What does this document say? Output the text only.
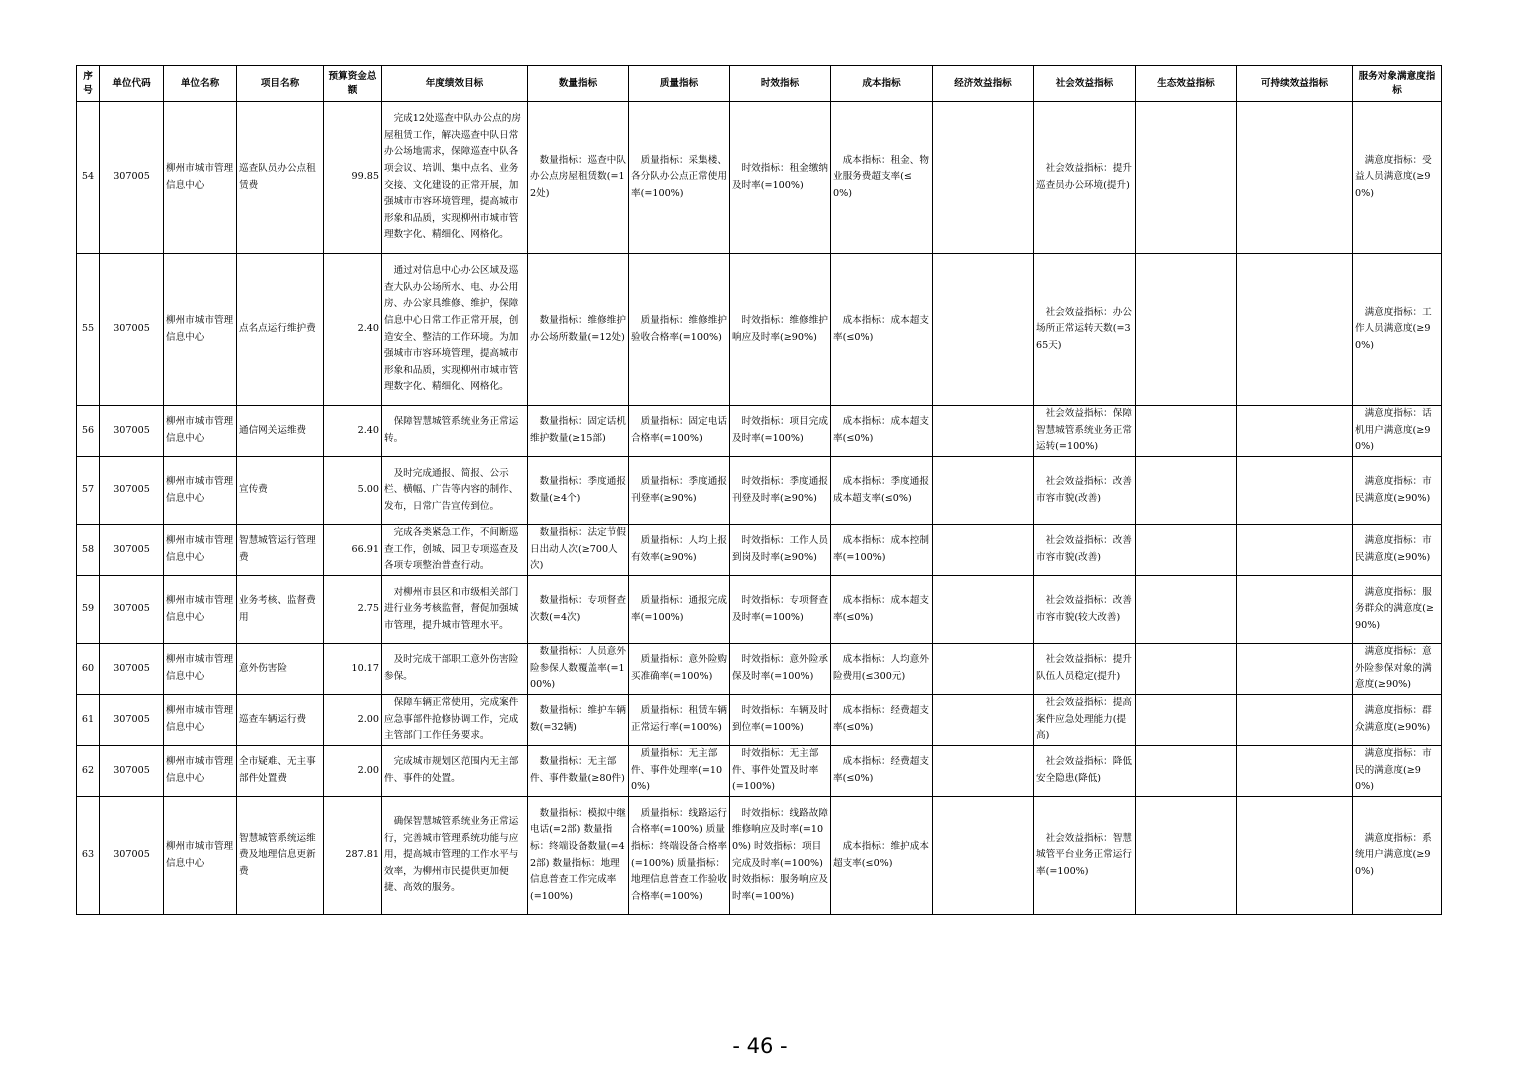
序号	单位代码	单位名称	项目名称	预算资金总额	年度绩效目标	数量指标	质量指标	时效指标	成本指标	经济效益指标	社会效益指标	生态效益指标	可持续效益指标	服务对象满意度指标
54	307005	柳州市城市管理信息中心	巡查队员办公点租赁费	99.85	完成12处巡查中队办公点的房屋租赁工作，解决巡查中队日常办公场地需求，保障巡查中队各项会议、培训、集中点名、业务交接、文化建设的正常开展，加强城市市容环境管理，提高城市形象和品质，实现柳州市城市管理数字化、精细化、网格化。	数量指标：巡查中队办公点房屋租赁数(=12处)	质量指标：采集楼、各分队办公点正常使用率(=100%)	时效指标：租金缴纳及时率(=100%)	成本指标：租金、物业服务费超支率(≤0%)		社会效益指标：提升巡查员办公环境(提升)			满意度指标：受益人员满意度(≥90%)
55	307005	柳州市城市管理信息中心	点名点运行维护费	2.40	通过对信息中心办公区域及巡查大队办公场所水、电、办公用房、办公家具维修、维护，保障信息中心日常工作正常开展，创造安全、整洁的工作环境。为加强城市市容环境管理，提高城市形象和品质，实现柳州市城市管理数字化、精细化、网格化。	数量指标：维修维护办公场所数量(=12处)	质量指标：维修维护验收合格率(=100%)	时效指标：维修维护响应及时率(≥90%)	成本指标：成本超支率(≤0%)		社会效益指标：办公场所正常运转天数(=365天)			满意度指标：工作人员满意度(≥90%)
56	307005	柳州市城市管理信息中心	通信网关运维费	2.40	保障智慧城管系统业务正常运转。	数量指标：固定话机维护数量(≥15部)	质量指标：固定电话合格率(=100%)	时效指标：项目完成及时率(=100%)	成本指标：成本超支率(≤0%)		社会效益指标：保障智慧城管系统业务正常运转(=100%)			满意度指标：话机用户满意度(≥90%)
57	307005	柳州市城市管理信息中心	宣传费	5.00	及时完成通报、简报、公示栏、横幅、广告等内容的制作、发布，日常广告宣传到位。	数量指标：季度通报数量(≥4个)	质量指标：季度通报刊登率(≥90%)	时效指标：季度通报刊登及时率(≥90%)	成本指标：季度通报成本超支率(≤0%)		社会效益指标：改善市容市貌(改善)			满意度指标：市民满意度(≥90%)
58	307005	柳州市城市管理信息中心	智慧城管运行管理费	66.91	完成各类紧急工作，不间断巡查工作，创城、园卫专项巡查及各项专项整治普查行动。	数量指标：法定节假日出动人次(≥700人次)	质量指标：人均上报有效率(≥90%)	时效指标：工作人员到岗及时率(≥90%)	成本指标：成本控制率(=100%)		社会效益指标：改善市容市貌(改善)			满意度指标：市民满意度(≥90%)
59	307005	柳州市城市管理信息中心	业务考核、监督费用	2.75	对柳州市县区和市级相关部门进行业务考核监督，督促加强城市管理，提升城市管理水平。	数量指标：专项督查次数(=4次)	质量指标：通报完成率(=100%)	时效指标：专项督查及时率(=100%)	成本指标：成本超支率(≤0%)		社会效益指标：改善市容市貌(较大改善)			满意度指标：服务群众的满意度(≥90%)
60	307005	柳州市城市管理信息中心	意外伤害险	10.17	及时完成干部职工意外伤害险参保。	数量指标：人员意外险参保人数覆盖率(=100%)	质量指标：意外险购买准确率(=100%)	时效指标：意外险承保及时率(=100%)	成本指标：人均意外险费用(≤300元)		社会效益指标：提升队伍人员稳定(提升)			满意度指标：意外险参保对象的满意度(≥90%)
61	307005	柳州市城市管理信息中心	巡查车辆运行费	2.00	保障车辆正常使用，完成案件应急事部件抢修协调工作，完成主管部门工作任务要求。	数量指标：维护车辆数(=32辆)	质量指标：租赁车辆正常运行率(=100%)	时效指标：车辆及时到位率(=100%)	成本指标：经费超支率(≤0%)		社会效益指标：提高案件应急处理能力(提高)			满意度指标：群众满意度(≥90%)
62	307005	柳州市城市管理信息中心	全市疑难、无主事部件处置费	2.00	完成城市规划区范围内无主部件、事件的处置。	数量指标：无主部件、事件数量(≥80件)	质量指标：无主部件、事件处理率(=100%)	时效指标：无主部件、事件处置及时率(=100%)	成本指标：经费超支率(≤0%)		社会效益指标：降低安全隐患(降低)			满意度指标：市民的满意度(≥90%)
63	307005	柳州市城市管理信息中心	智慧城管系统运维费及地理信息更新费	287.81	确保智慧城管系统业务正常运行，完善城市管理系统功能与应用，提高城市管理的工作水平与效率，为柳州市民提供更加便捷、高效的服务。	数量指标：模拟中继电话(=2部) 数量指标：终端设备数量(=42部) 数量指标：地理信息普查工作完成率(=100%)	质量指标：线路运行合格率(=100%) 质量指标：终端设备合格率(=100%) 质量指标：地理信息普查工作验收合格率(=100%)	时效指标：线路故障维修响应及时率(=100%) 时效指标：项目完成及时率(=100%) 时效指标：服务响应及时率(=100%)	成本指标：维护成本超支率(≤0%)		社会效益指标：智慧城管平台业务正常运行率(=100%)			满意度指标：系统用户满意度(≥90%)
- 46 -
